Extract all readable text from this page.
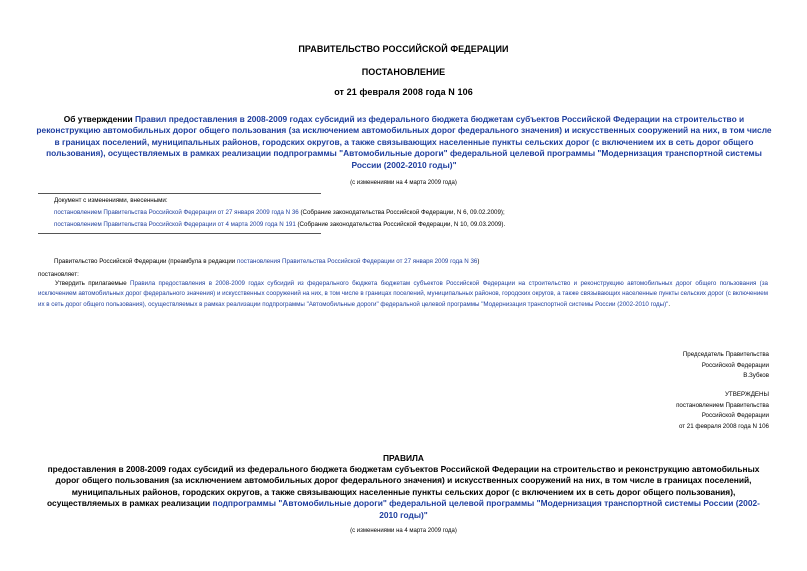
ПРАВИТЕЛЬСТВО РОССИЙСКОЙ ФЕДЕРАЦИИ
ПОСТАНОВЛЕНИЕ
от 21 февраля 2008 года N 106
Об утверждении Правил предоставления в 2008-2009 годах субсидий из федерального бюджета бюджетам субъектов Российской Федерации на строительство и реконструкцию автомобильных дорог общего пользования (за исключением автомобильных дорог федерального значения) и искусственных сооружений на них, в том числе в границах поселений, муниципальных районов, городских округов, а также связывающих населенные пункты сельских дорог (с включением их в сеть дорог общего пользования), осуществляемых в рамках реализации подпрограммы "Автомобильные дороги" федеральной целевой программы "Модернизация транспортной системы России (2002-2010 годы)"
(с изменениями на 4 марта 2009 года)
Документ с изменениями, внесенными:
постановлением Правительства Российской Федерации от 27 января 2009 года N 36 (Собрание законодательства Российской Федерации, N 6, 09.02.2009);
постановлением Правительства Российской Федерации от 4 марта 2009 года N 191 (Собрание законодательства Российской Федерации, N 10, 09.03.2009).
Правительство Российской Федерации (преамбула в редакции постановления Правительства Российской Федерации от 27 января 2009 года N 36)
постановляет:
Утвердить прилагаемые Правила предоставления в 2008-2009 годах субсидий из федерального бюджета бюджетам субъектов Российской Федерации на строительство и реконструкцию автомобильных дорог общего пользования (за исключением автомобильных дорог федерального значения) и искусственных сооружений на них, в том числе в границах поселений, муниципальных районов, городских округов, а также связывающих населенные пункты сельских дорог (с включением их в сеть дорог общего пользования), осуществляемых в рамках реализации подпрограммы "Автомобильные дороги" федеральной целевой программы "Модернизация транспортной системы России (2002-2010 годы)".
Председатель Правительства
Российской Федерации
В.Зубков
УТВЕРЖДЕНЫ
постановлением Правительства
Российской Федерации
от 21 февраля 2008 года N 106
ПРАВИЛА
предоставления в 2008-2009 годах субсидий из федерального бюджета бюджетам субъектов Российской Федерации на строительство и реконструкцию автомобильных дорог общего пользования (за исключением автомобильных дорог федерального значения) и искусственных сооружений на них, в том числе в границах поселений, муниципальных районов, городских округов, а также связывающих населенные пункты сельских дорог (с включением их в сеть дорог общего пользования), осуществляемых в рамках реализации подпрограммы "Автомобильные дороги" федеральной целевой программы "Модернизация транспортной системы России (2002-2010 годы)"
(с изменениями на 4 марта 2009 года)
